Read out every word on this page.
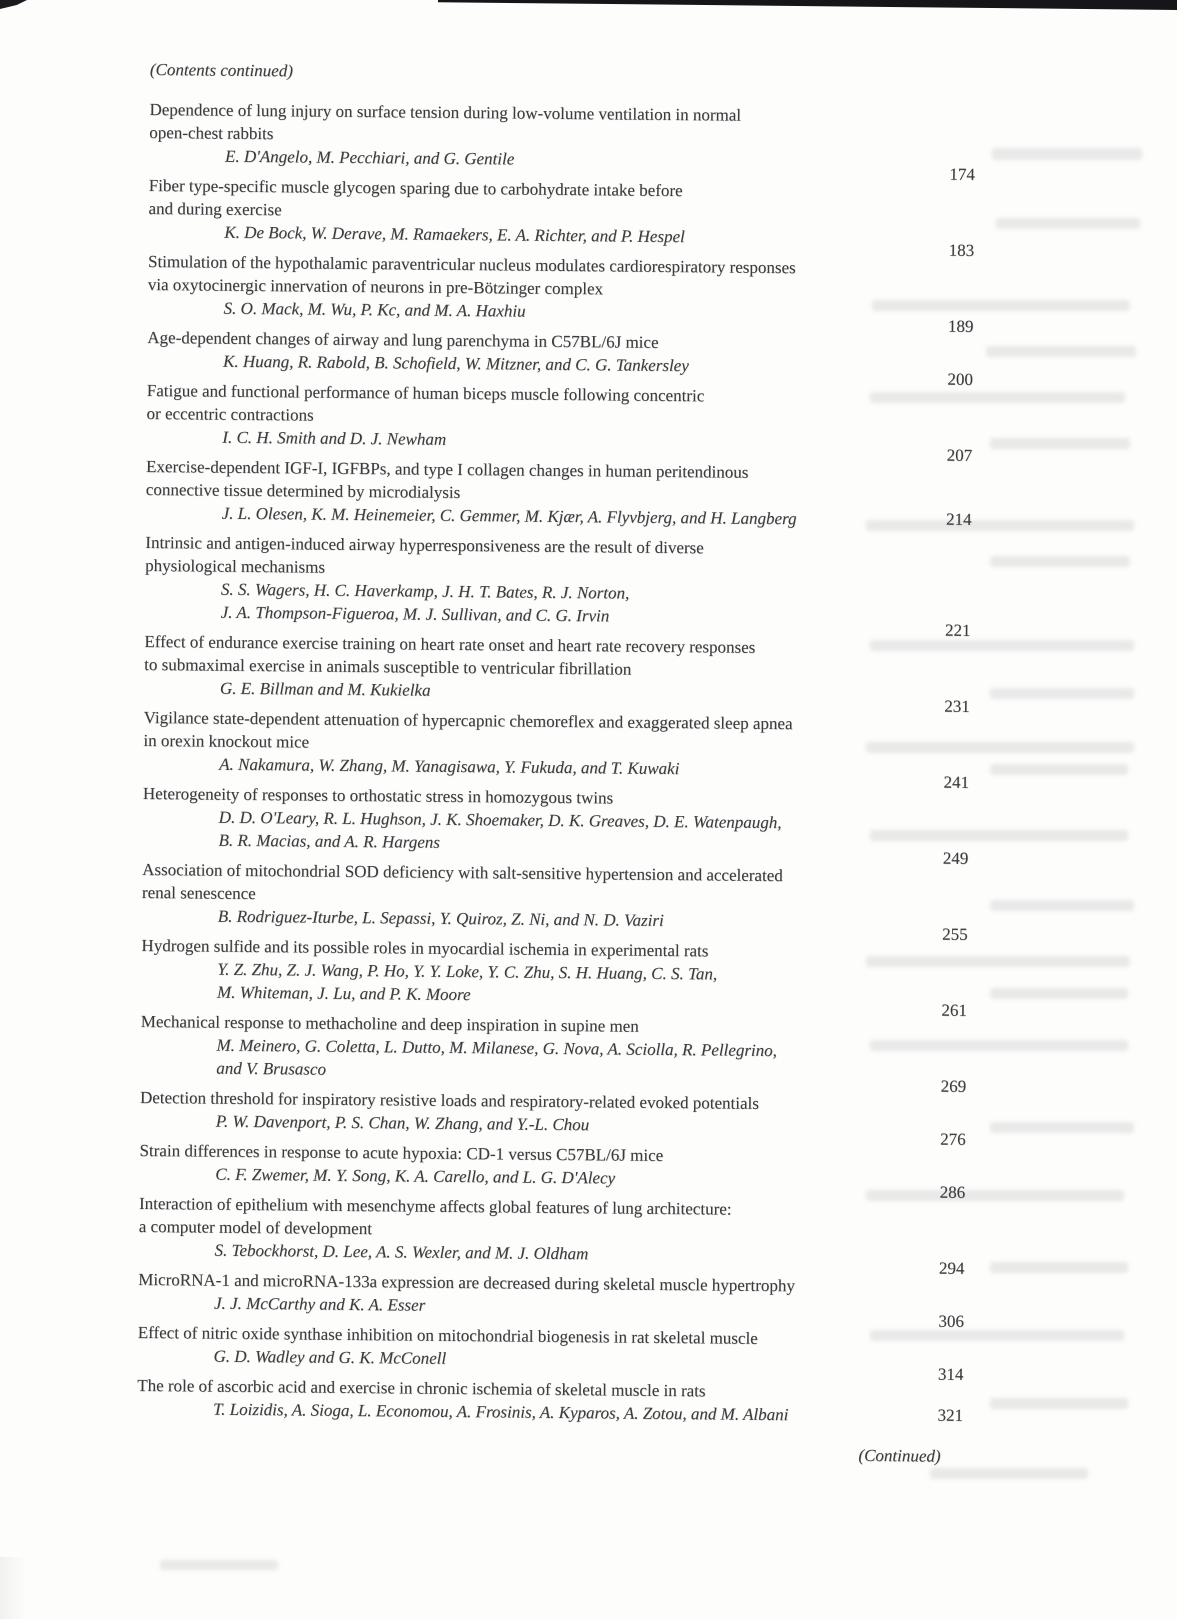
(Contents continued)
Dependence of lung injury on surface tension during low-volume ventilation in normal
open-chest rabbits
E. D'Angelo, M. Pecchiari, and G. Gentile
174
Fiber type-specific muscle glycogen sparing due to carbohydrate intake before
and during exercise
K. De Bock, W. Derave, M. Ramaekers, E. A. Richter, and P. Hespel
183
Stimulation of the hypothalamic paraventricular nucleus modulates cardiorespiratory responses
via oxytocinergic innervation of neurons in pre-Bötzinger complex
S. O. Mack, M. Wu, P. Kc, and M. A. Haxhiu
189
Age-dependent changes of airway and lung parenchyma in C57BL/6J mice
K. Huang, R. Rabold, B. Schofield, W. Mitzner, and C. G. Tankersley
200
Fatigue and functional performance of human biceps muscle following concentric
or eccentric contractions
I. C. H. Smith and D. J. Newham
207
Exercise-dependent IGF-I, IGFBPs, and type I collagen changes in human peritendinous
connective tissue determined by microdialysis
J. L. Olesen, K. M. Heinemeier, C. Gemmer, M. Kjær, A. Flyvbjerg, and H. Langberg	214
Intrinsic and antigen-induced airway hyperresponsiveness are the result of diverse
physiological mechanisms
S. S. Wagers, H. C. Haverkamp, J. H. T. Bates, R. J. Norton,
J. A. Thompson-Figueroa, M. J. Sullivan, and C. G. Irvin
221
Effect of endurance exercise training on heart rate onset and heart rate recovery responses
to submaximal exercise in animals susceptible to ventricular fibrillation
G. E. Billman and M. Kukielka
231
Vigilance state-dependent attenuation of hypercapnic chemoreflex and exaggerated sleep apnea
in orexin knockout mice
A. Nakamura, W. Zhang, M. Yanagisawa, Y. Fukuda, and T. Kuwaki
241
Heterogeneity of responses to orthostatic stress in homozygous twins
D. D. O'Leary, R. L. Hughson, J. K. Shoemaker, D. K. Greaves, D. E. Watenpaugh,
B. R. Macias, and A. R. Hargens
249
Association of mitochondrial SOD deficiency with salt-sensitive hypertension and accelerated
renal senescence
B. Rodriguez-Iturbe, L. Sepassi, Y. Quiroz, Z. Ni, and N. D. Vaziri
255
Hydrogen sulfide and its possible roles in myocardial ischemia in experimental rats
Y. Z. Zhu, Z. J. Wang, P. Ho, Y. Y. Loke, Y. C. Zhu, S. H. Huang, C. S. Tan,
M. Whiteman, J. Lu, and P. K. Moore
261
Mechanical response to methacholine and deep inspiration in supine men
M. Meinero, G. Coletta, L. Dutto, M. Milanese, G. Nova, A. Sciolla, R. Pellegrino,
and V. Brusasco
269
Detection threshold for inspiratory resistive loads and respiratory-related evoked potentials
P. W. Davenport, P. S. Chan, W. Zhang, and Y.-L. Chou
276
Strain differences in response to acute hypoxia: CD-1 versus C57BL/6J mice
C. F. Zwemer, M. Y. Song, K. A. Carello, and L. G. D'Alecy
286
Interaction of epithelium with mesenchyme affects global features of lung architecture:
a computer model of development
S. Tebockhorst, D. Lee, A. S. Wexler, and M. J. Oldham
294
MicroRNA-1 and microRNA-133a expression are decreased during skeletal muscle hypertrophy
J. J. McCarthy and K. A. Esser
306
Effect of nitric oxide synthase inhibition on mitochondrial biogenesis in rat skeletal muscle
G. D. Wadley and G. K. McConell
314
The role of ascorbic acid and exercise in chronic ischemia of skeletal muscle in rats
T. Loizidis, A. Sioga, L. Economou, A. Frosinis, A. Kyparos, A. Zotou, and M. Albani	321
(Continued)
